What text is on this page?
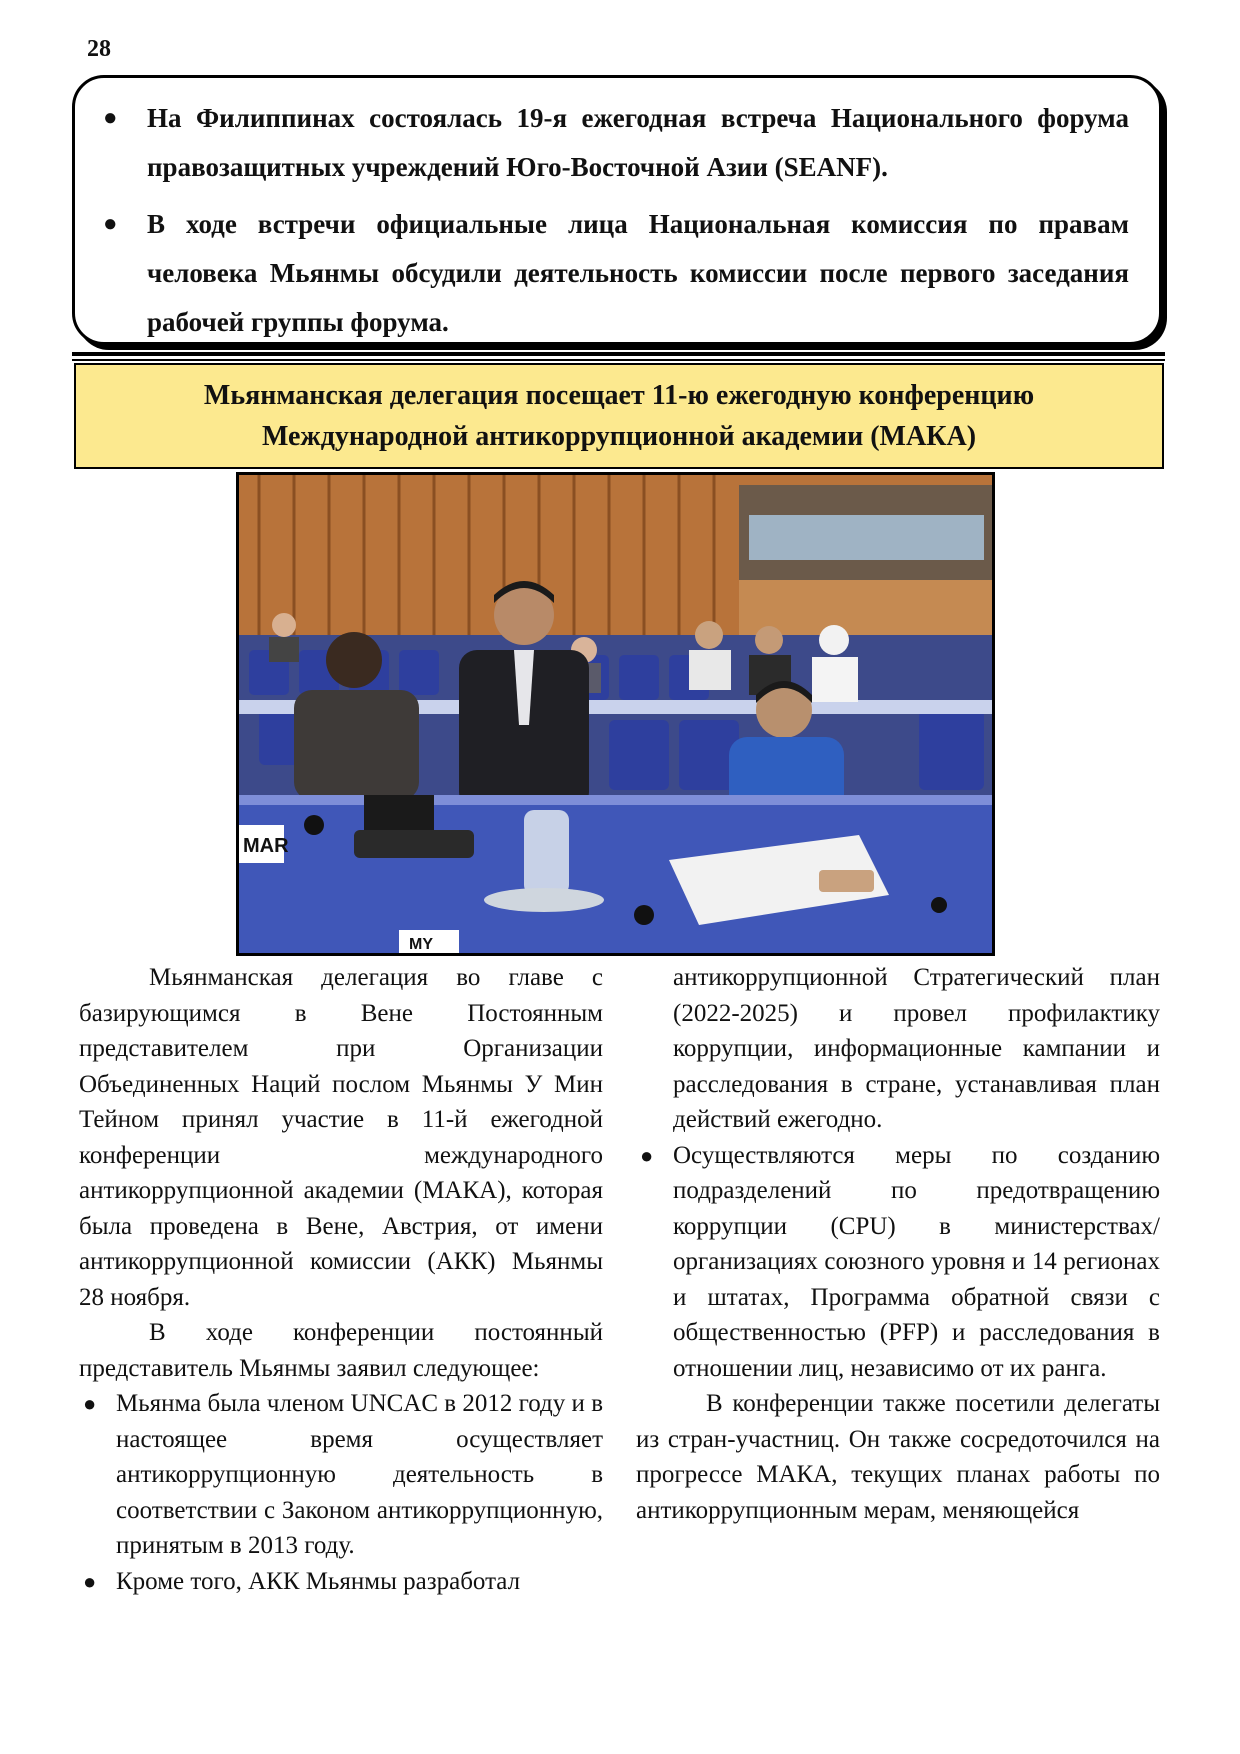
28
● На Филиппинах состоялась 19-я ежегодная встреча Национального форума правозащитных учреждений Юго-Восточной Азии (SEANF).
● В ходе встречи официальные лица Национальная комиссия по правам человека Мьянмы обсудили деятельность комиссии после первого заседания рабочей группы форума.
Мьянманская делегация посещает 11-ю ежегодную конференцию
Международной антикоррупционной академии (МАКА)
MAR
MY

Мьянманская делегация во главе с базирующимся в Вене Постоянным представителем при Организации Объединенных Наций послом Мьянмы У Мин Тейном принял участие в 11-й ежегодной конференции международного антикоррупционной академии (МАКА), которая была проведена в Вене, Австрия, от имени антикоррупционной комиссии (АКК) Мьянмы 28 ноября.

В ходе конференции постоянный представитель Мьянмы заявил следующее:

● Мьянма была членом UNCAC в 2012 году и в настоящее время осуществляет антикоррупционную деятельность в соответствии с Законом антикоррупционную, принятым в 2013 году.
● Кроме того, АКК Мьянмы разработал

антикоррупционной Стратегический план (2022-2025) и провел профилактику коррупции, информационные кампании и расследования в стране, устанавливая план действий ежегодно.

● Осуществляются меры по созданию подразделений по предотвращению коррупции (CPU) в министерствах/ организациях союзного уровня и 14 регионах и штатах, Программа обратной связи с общественностью (PFP) и расследования в отношении лиц, независимо от их ранга.

В конференции также посетили делегаты из стран-участниц. Он также сосредоточился на прогрессе МАКА, текущих планах работы по антикоррупционным мерам, меняющейся
